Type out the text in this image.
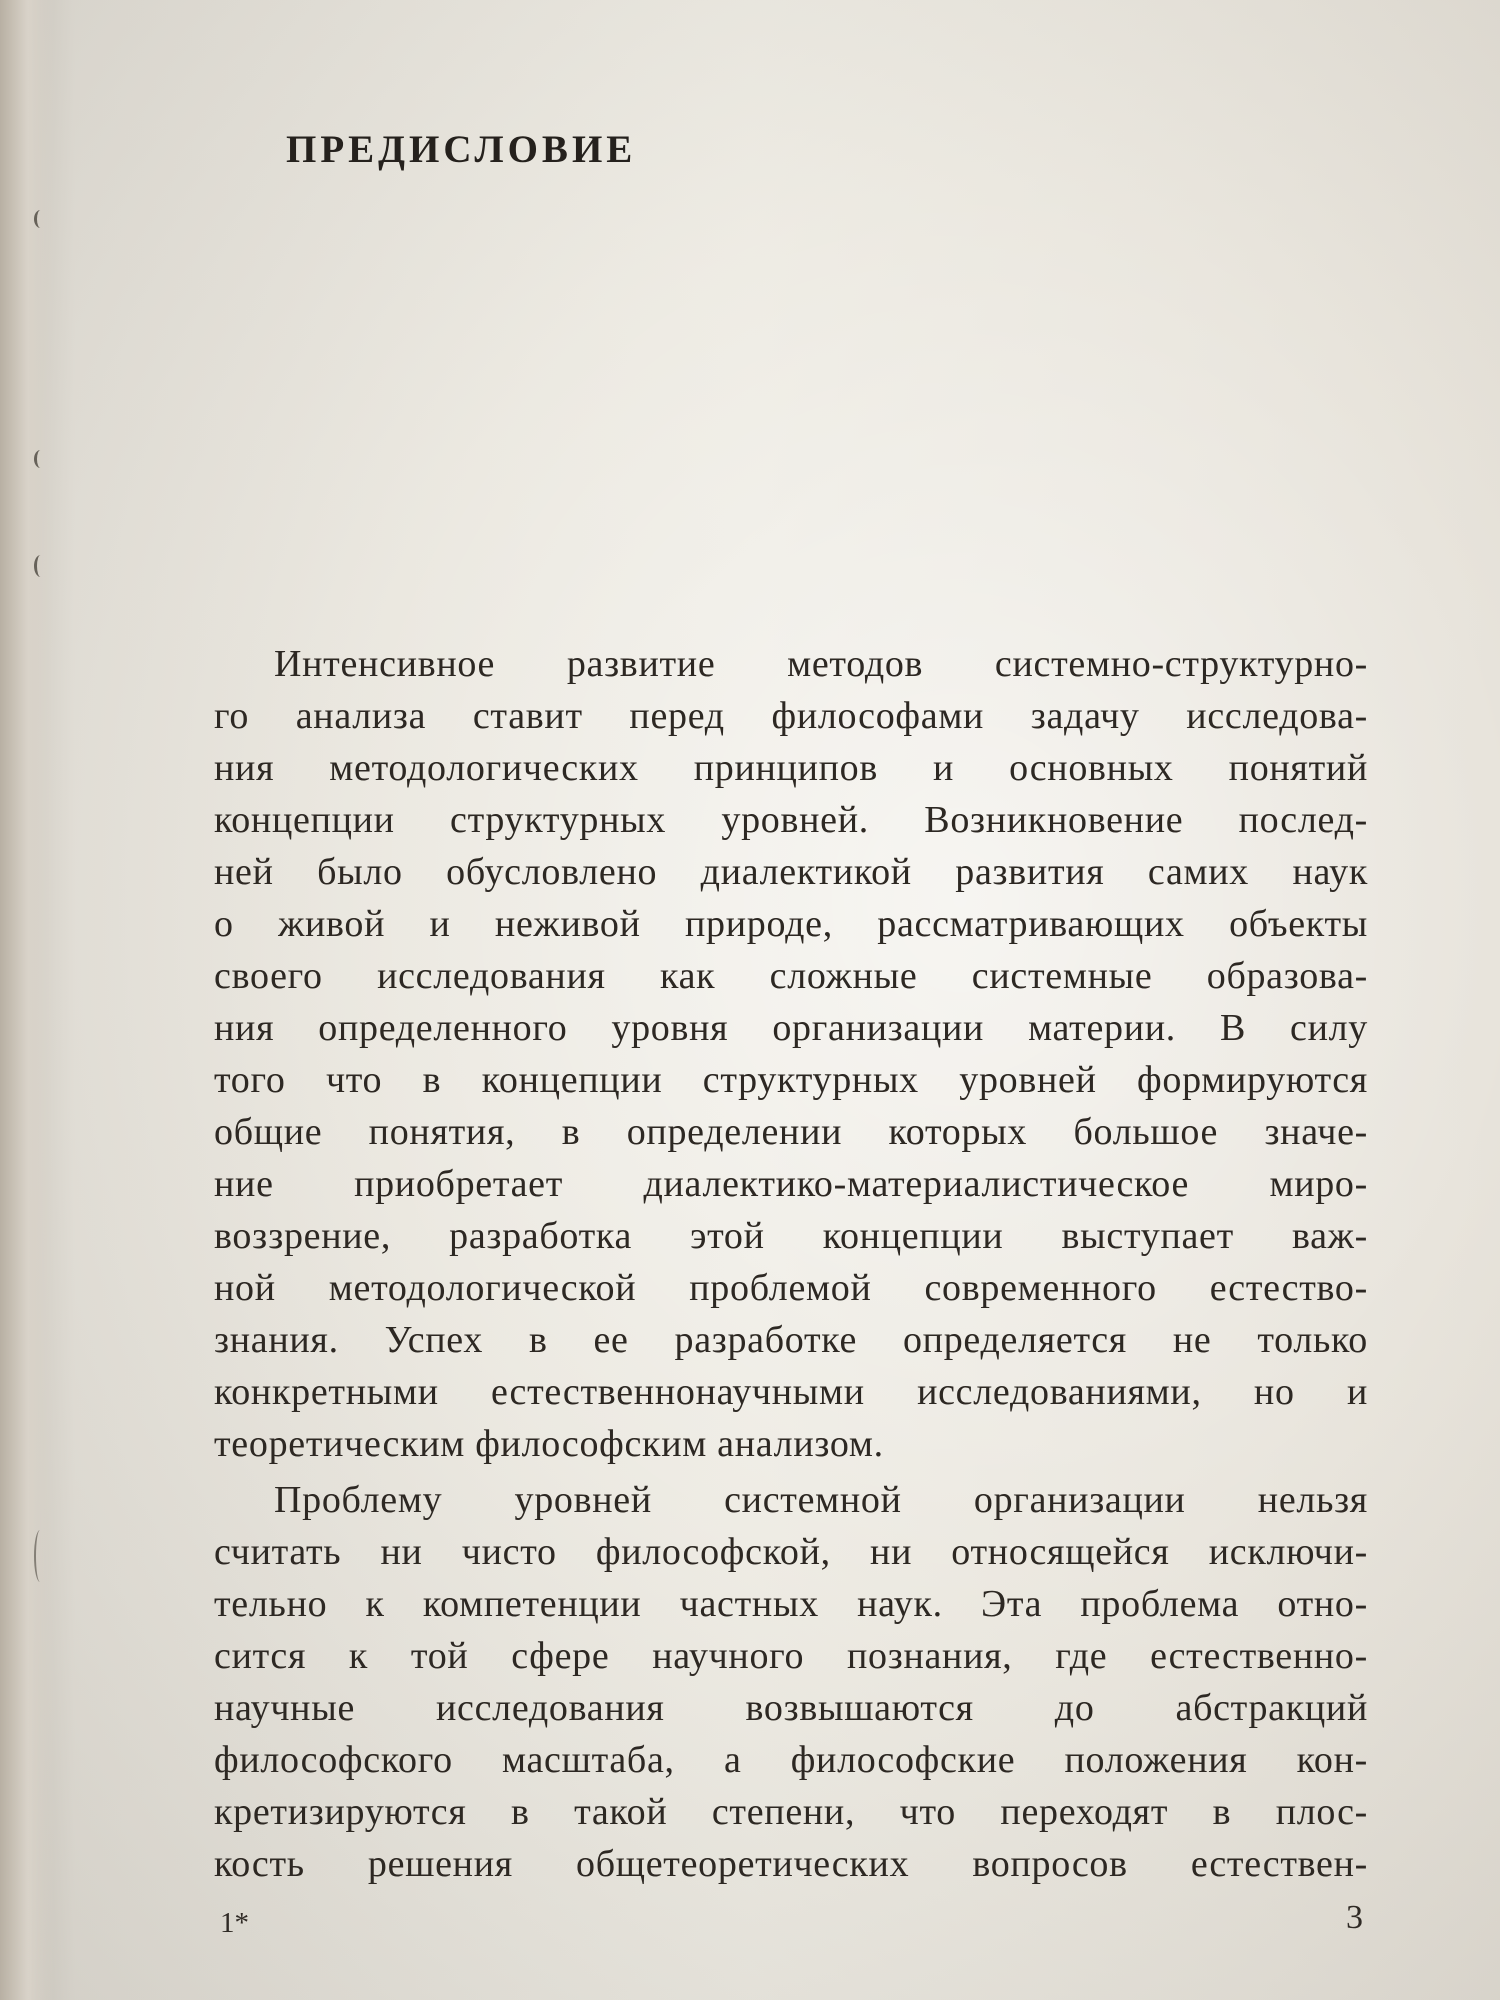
ПРЕДИСЛОВИЕ

Интенсивное развитие методов системно-структурно-

го анализа ставит перед философами задачу исследова-

ния методологических принципов и основных понятий

концепции структурных уровней. Возникновение послед-

ней было обусловлено диалектикой развития самих наук

о живой и неживой природе, рассматривающих объекты

своего исследования как сложные системные образова-

ния определенного уровня организации материи. В силу

того что в концепции структурных уровней формируются

общие понятия, в определении которых большое значе-

ние приобретает диалектико-материалистическое миро-

воззрение, разработка этой концепции выступает важ-

ной методологической проблемой современного естество-

знания. Успех в ее разработке определяется не только

конкретными естественнонаучными исследованиями, но и

теоретическим философским анализом.

Проблему уровней системной организации нельзя

считать ни чисто философской, ни относящейся исключи-

тельно к компетенции частных наук. Эта проблема отно-

сится к той сфере научного познания, где естественно-

научные исследования возвышаются до абстракций

философского масштаба, а философские положения кон-

кретизируются в такой степени, что переходят в плос-

кость решения общетеоретических вопросов естествен-

1*	3
